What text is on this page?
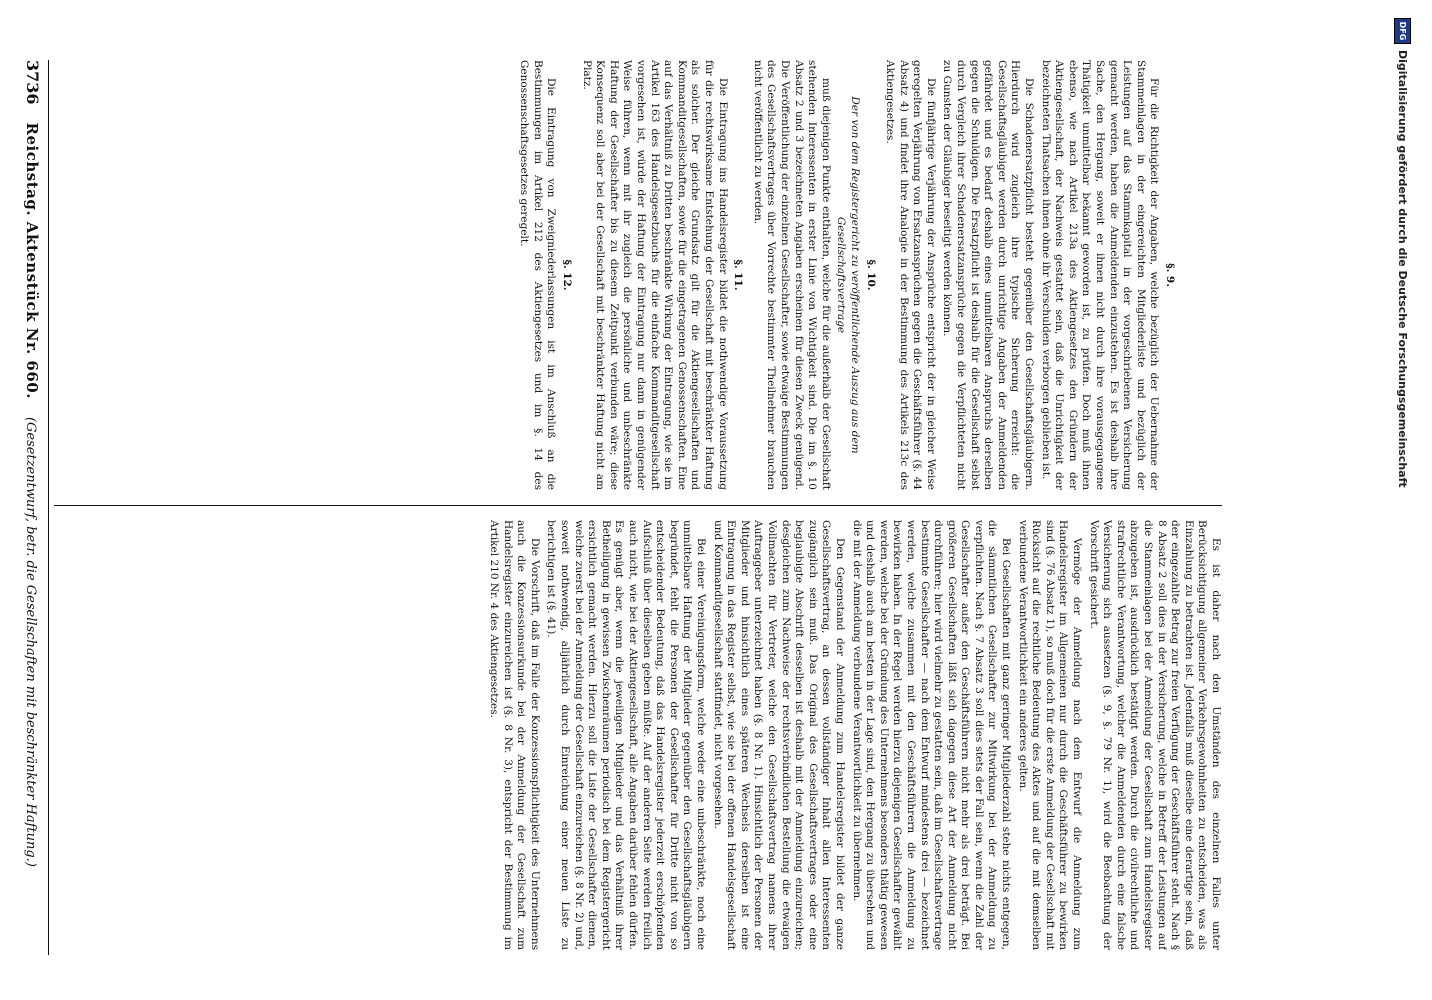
DFG
Digitalisierung gefördert durch die Deutsche Forschungsgemeinschaft
3736
Reichstag. Aktenstück Nr. 660.
(Gesetzentwurf, betr. die Gesellschaften mit beschränkter Haftung.)	Es ist daher nach den Umständen des einzelnen Falles unter Berücksichtigung allgemeiner Verkehrsgewohnheiten zu entscheiden, was als Einzahlung zu betrachten ist. Jedenfalls muß dieselbe eine derartige sein, daß der eingezahlte Betrag zur freien Verfügung der Geschäftsführer steht. Nach § 8 Absatz 2 soll dies in der Versicherung, welche in Betreff der Leistungen auf die Stammeinlagen bei der Anmeldung der Gesellschaft zum Handelsregister abzugeben ist, ausdrücklich bestätigt werden. Durch die civilrechtliche und strafrechtliche Verantwortung, welcher die Anmeldenden durch eine falsche Versicherung sich aussetzen (§. 9, §. 79 Nr. 1), wird die Beobachtung der Vorschrift gesichert.

Vermöge der Anmeldung nach dem Entwurf die Anmeldung zum Handelsregister im Allgemeinen nur durch die Geschäftsführer zu bewirken sind (§. 76 Absatz 1), so muß doch für die erste Anmeldung der Gesellschaft mit Rücksicht auf die rechtliche Bedeutung des Aktes und auf die mit demselben verbundene Verantwortlichkeit ein anderes gelten.

Bei Gesellschaften mit ganz geringer Mitgliederzahl stehe nichts entgegen, die sämmtlichen Gesellschafter zur Mitwirkung bei der Anmeldung zu verpflichten. Nach §. 7 Absatz 3 soll dies stets der Fall sein, wenn die Zahl der Gesellschafter außer den Geschäftsführern nicht mehr als drei beträgt. Bei größeren Gesellschaften läßt sich dagegen diese Art der Anmeldung nicht durchführen; hier wird vielmehr zu gestatten sein, daß im Gesellschaftsvertrage bestimmte Gesellschafter — nach dem Entwurf mindestens drei — bezeichnet werden, welche zusammen mit den Geschäftsführern die Anmeldung zu bewirken haben. In der Regel werden hierzu diejenigen Gesellschafter gewählt werden, welche bei der Gründung des Unternehmens besonders thätig gewesen und deshalb auch am besten in der Lage sind, den Hergang zu übersehen und die mit der Anmeldung verbundene Verantwortlichkeit zu übernehmen.

Den Gegenstand der Anmeldung zum Handelsregister bildet der ganze Gesellschaftsvertrag, an dessen vollständiger Inhalt allen Interessenten zugänglich sein muß. Das Original des Gesellschaftsvertrages oder eine beglaubigte Abschrift desselben ist deshalb mit der Anmeldung einzureichen; desgleichen zum Nachweise der rechtsverbindlichen Bestellung die etwaigen Vollmachten für Vertreter, welche den Gesellschaftsvertrag namens ihrer Auftraggeber unterzeichnet haben (§. 8 Nr. 1). Hinsichtlich der Personen der Mitglieder und hinsichtlich eines späteren Wechsels derselben ist eine Eintragung in das Register selbst, wie sie bei der offenen Handelsgesellschaft und Kommanditgesellschaft stattfindet, nicht vorgesehen.

Bei einer Vereinigungsform, welche weder eine unbeschränkte, noch eine unmittelbare Haftung der Mitglieder gegenüber den Gesellschaftsgläubigern begründet, fehlt die Personen der Gesellschafter für Dritte nicht von so entscheidender Bedeutung, daß das Handelsregister jederzeit erschöpfenden Aufschluß über dieselben geben müßte. Auf der anderen Seite werden freilich auch nicht, wie bei der Aktiengesellschaft, alle Angaben darüber fehlen dürfen. Es genügt aber, wenn die jeweiligen Mitglieder und das Verhältniß ihrer Betheiligung in gewissen Zwischenräumen periodisch bei dem Registergericht ersichtlich gemacht werden. Hierzu soll die Liste der Gesellschafter dienen, welche zuerst bei der Anmeldung der Gesellschaft einzureichen (§. 8 Nr. 2) und, soweit nothwendig, alljährlich durch Einreichung einer neuen Liste zu berichtigen ist (§. 41).

Die Vorschrift, daß im Falle der Konzessionspflichtigkeit des Unternehmens auch die Konzessionsurkunde bei der Anmeldung der Gesellschaft zum Handelsregister einzureichen ist (§. 8 Nr. 3), entspricht der Bestimmung im Artikel 210 Nr. 4 des Aktiengesetzes.

§. 9.

Für die Richtigkeit der Angaben, welche bezüglich der Uebernahme der Stammeinlagen in der eingereichten Mitgliederliste und bezüglich der Leistungen auf das Stammkapital in der vorgeschriebenen Versicherung gemacht werden, haben die Anmeldenden einzustehen. Es ist deshalb ihre Sache, den Hergang, soweit er ihnen nicht durch ihre vorausgegangene Thätigkeit unmittelbar bekannt geworden ist, zu prüfen. Doch muß ihnen ebenso, wie nach Artikel 213a des Aktiengesetzes den Gründern der Aktiengesellschaft, der Nachweis gestattet sein, daß die Unrichtigkeit der bezeichneten Thatsachen ihnen ohne ihr Verschulden verborgen geblieben ist.

Die Schadenersatzpflicht besteht gegenüber den Gesellschaftsgläubigern. Hierdurch wird zugleich ihre typische Sicherung erreicht: die Gesellschaftsgläubiger werden durch unrichtige Angaben der Anmeldenden gefährdet und es bedarf deshalb eines unmittelbaren Anspruchs derselben gegen die Schuldigen. Die Ersatzpflicht ist deshalb für die Gesellschaft selbst durch Vergleich ihrer Schadenersatzansprüche gegen die Verpflichteten nicht zu Gunsten der Gläubiger beseitigt werden können.

Die fünfjährige Verjährung der Ansprüche entspricht der in gleicher Weise geregelten Verjährung von Ersatzansprüchen gegen die Geschäftsführer (§. 44 Absatz 4) und findet ihre Analogie in der Bestimmung des Artikels 213c des Aktiengesetzes.

§. 10.
Der von dem Registergericht zu veröffentlichende Auszug aus dem Gesellschaftsvertrage

muß diejenigen Punkte enthalten, welche für die außerhalb der Gesellschaft stehenden Interessenten in erster Linie von Wichtigkeit sind. Die im §. 10 Absatz 2 und 3 bezeichneten Angaben erscheinen für diesen Zweck genügend. Die Veröffentlichung der einzelnen Gesellschafter, sowie etwaige Bestimmungen des Gesellschaftsvertrages über Vorrechte bestimmter Theilnehmer brauchen nicht veröffentlicht zu werden.

§. 11.

Die Eintragung ins Handelsregister bildet die nothwendige Voraussetzung für die rechtswirksame Entstehung der Gesellschaft mit beschränkter Haftung als solcher. Der gleiche Grundsatz gilt für die Aktiengesellschaften und Kommanditgesellschaften, sowie für die eingetragenen Genossenschaften. Eine auf das Verhältniß zu Dritten beschränkte Wirkung der Eintragung, wie sie im Artikel 163 des Handelsgesetzbuchs für die einfache Kommanditgesellschaft vorgesehen ist, würde der Haftung der Eintragung nur dann in genügender Weise führen, wenn mit ihr zugleich die persönliche und unbeschränkte Haftung der Gesellschafter bis zu diesem Zeitpunkt verbunden wäre; diese Konsequenz soll aber bei der Gesellschaft mit beschränkter Haftung nicht am Platz.

§. 12.

Die Eintragung von Zweigniederlassungen ist im Anschluß an die Bestimmungen im Artikel 212 des Aktiengesetzes und im §. 14 des Genossenschaftsgesetzes geregelt.
